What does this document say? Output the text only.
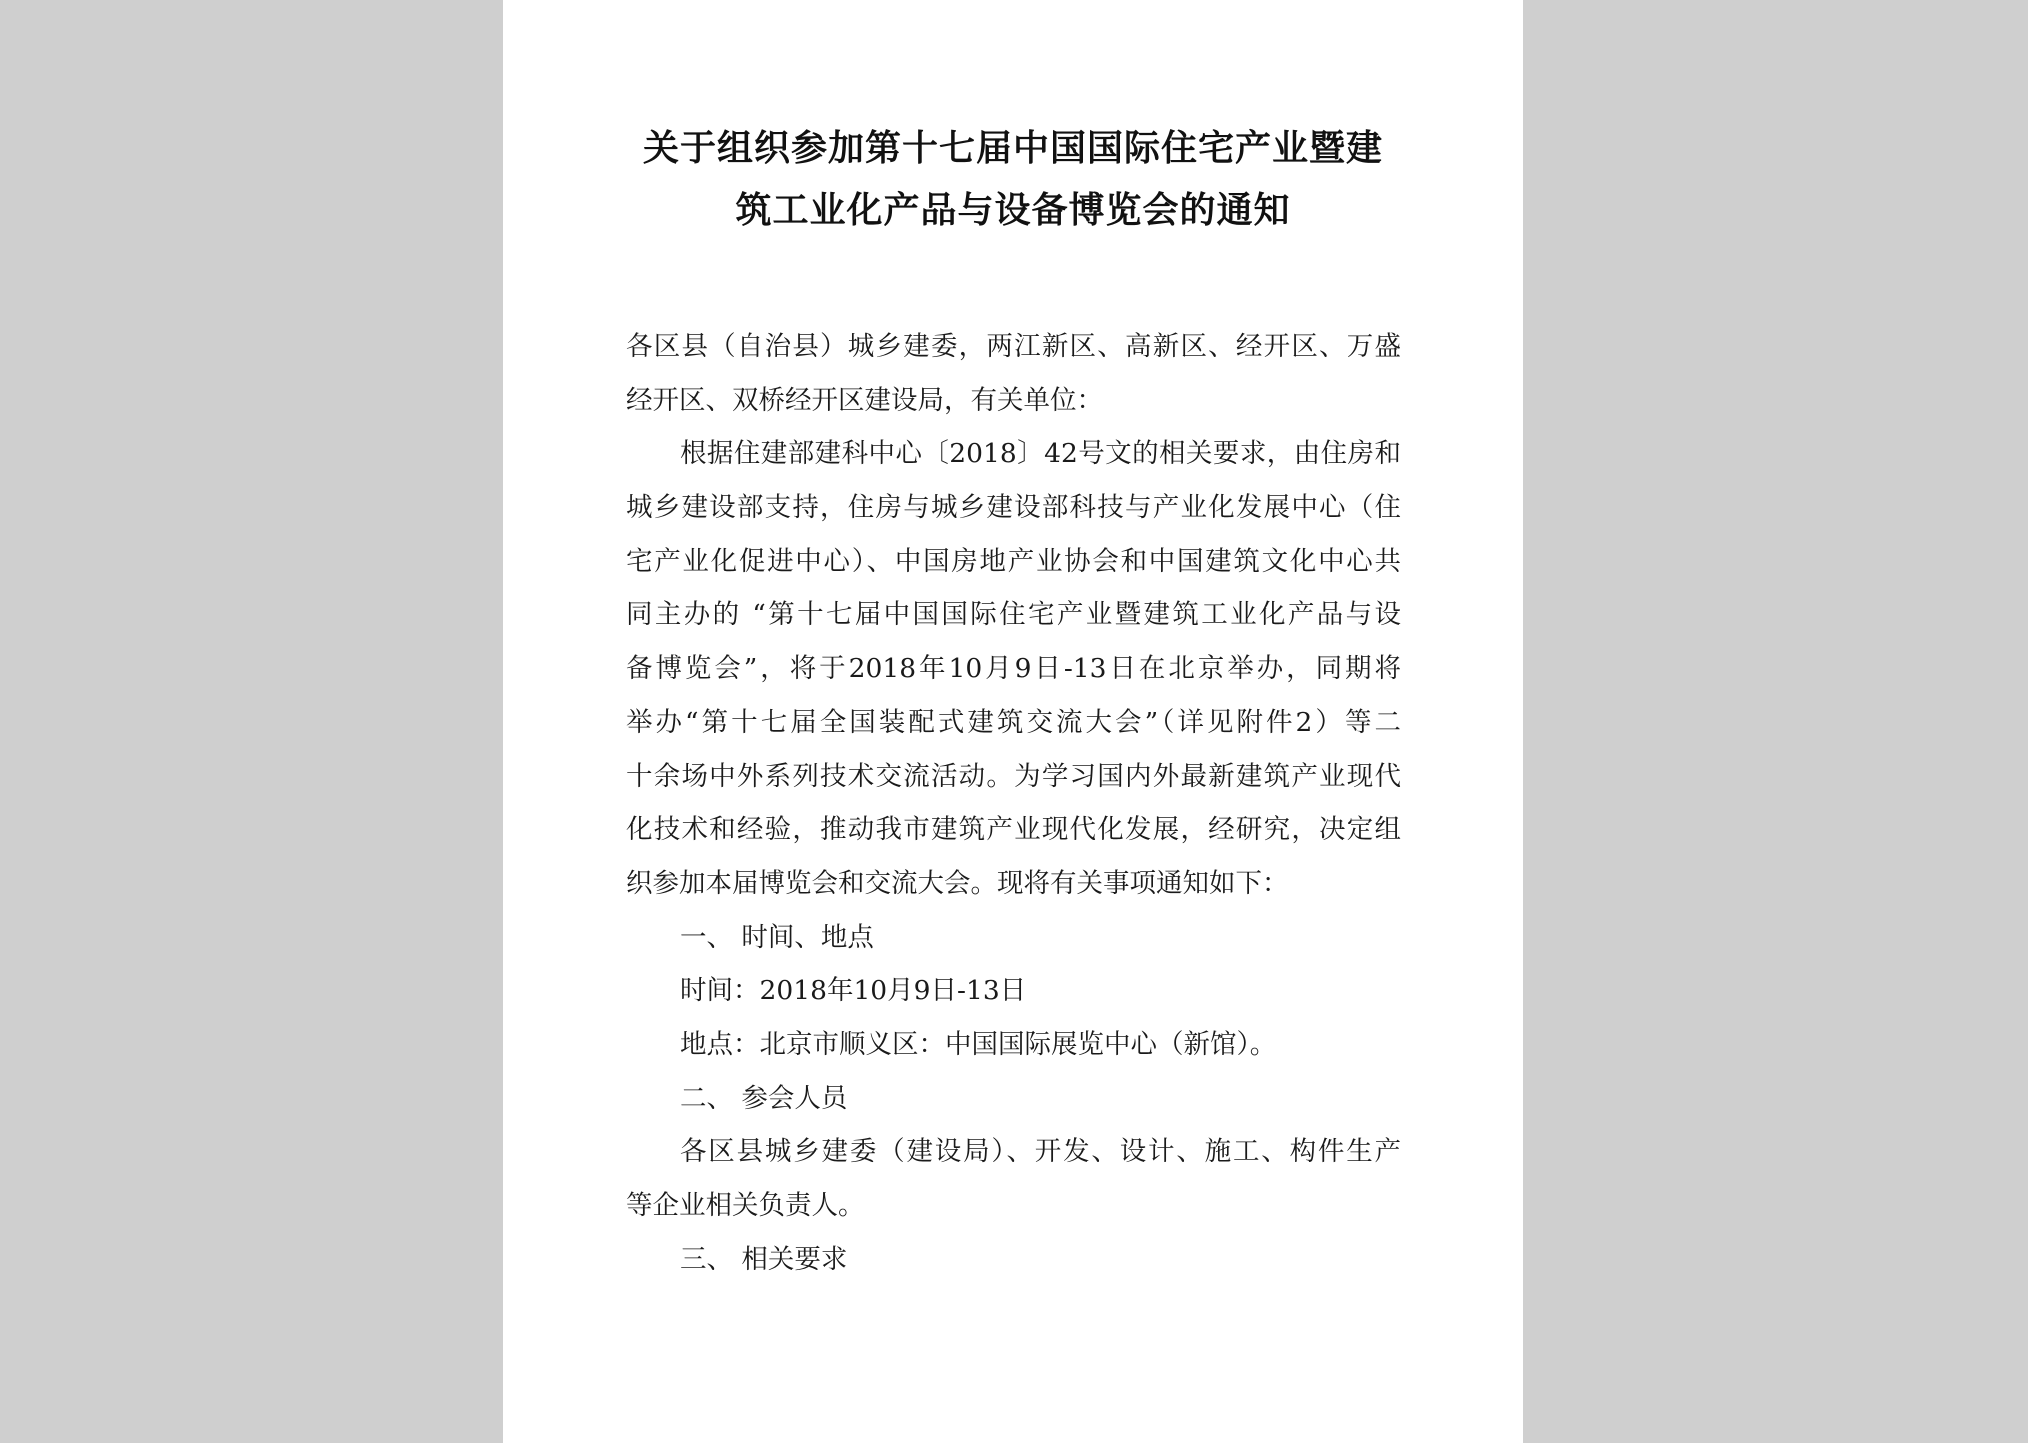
关于组织参加第十七届中国国际住宅产业暨建
筑工业化产品与设备博览会的通知
各区县（自治县）城乡建委，两江新区、高新区、经开区、万盛
经开区、双桥经开区建设局，有关单位：
根据住建部建科中心〔2018〕42号文的相关要求，由住房和
城乡建设部支持，住房与城乡建设部科技与产业化发展中心（住
宅产业化促进中心）、中国房地产业协会和中国建筑文化中心共
同主办的 “第十七届中国国际住宅产业暨建筑工业化产品与设
备博览会”，将于2018年10月9日-13日在北京举办，同期将
举办“第十七届全国装配式建筑交流大会”（详见附件2）等二
十余场中外系列技术交流活动。为学习国内外最新建筑产业现代
化技术和经验，推动我市建筑产业现代化发展，经研究，决定组
织参加本届博览会和交流大会。现将有关事项通知如下：
一、 时间、地点
时间：2018年10月9日-13日
地点：北京市顺义区：中国国际展览中心（新馆）。
二、 参会人员
各区县城乡建委（建设局）、开发、设计、施工、构件生产
等企业相关负责人。
三、 相关要求
